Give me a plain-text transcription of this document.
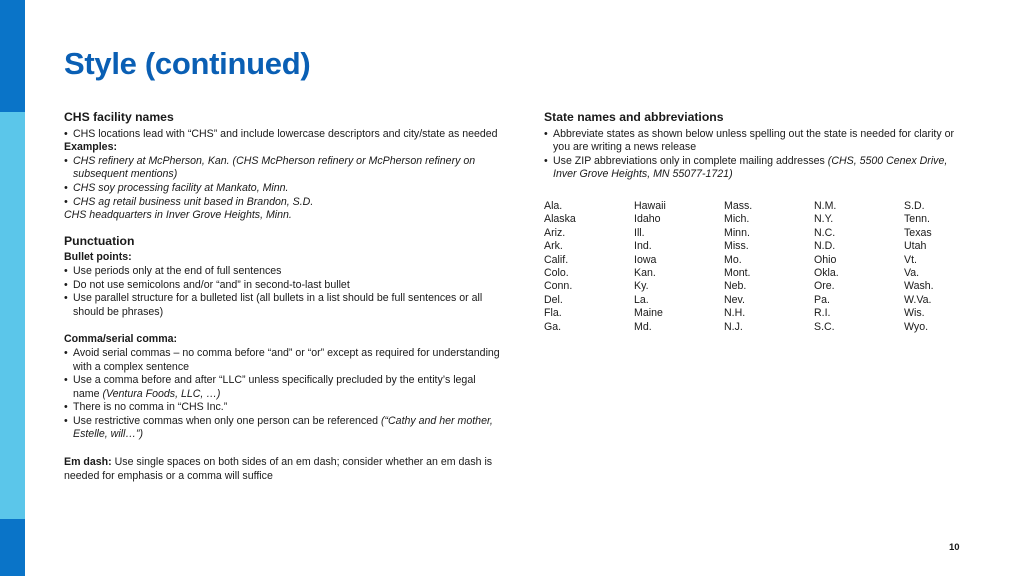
Style (continued)

CHS facility names

• CHS locations lead with “CHS” and include lowercase descriptors and city/state as needed

Examples:

• CHS refinery at McPherson, Kan. (CHS McPherson refinery or McPherson refinery on subsequent mentions)
• CHS soy processing facility at Mankato, Minn.
• CHS ag retail business unit based in Brandon, S.D.

CHS headquarters in Inver Grove Heights, Minn.

Punctuation

Bullet points:

• Use periods only at the end of full sentences
• Do not use semicolons and/or “and” in second-to-last bullet
• Use parallel structure for a bulleted list (all bullets in a list should be full sentences or all should be phrases)

Comma/serial comma:

• Avoid serial commas – no comma before “and” or “or” except as required for understanding with a complex sentence
• Use a comma before and after “LLC” unless specifically precluded by the entity’s legal name (Ventura Foods, LLC, …)
• There is no comma in “CHS Inc.”
• Use restrictive commas when only one person can be referenced (“Cathy and her mother, Estelle, will…”)

Em dash: Use single spaces on both sides of an em dash; consider whether an em dash is needed for emphasis or a comma will suffice

State names and abbreviations

• Abbreviate states as shown below unless spelling out the state is needed for clarity or you are writing a news release
• Use ZIP abbreviations only in complete mailing addresses (CHS, 5500 Cenex Drive, Inver Grove Heights, MN 55077-1721)
Ala.	Hawaii	Mass.	N.M.	S.D.
Alaska	Idaho	Mich.	N.Y.	Tenn.
Ariz.	Ill.	Minn.	N.C.	Texas
Ark.	Ind.	Miss.	N.D.	Utah
Calif.	Iowa	Mo.	Ohio	Vt.
Colo.	Kan.	Mont.	Okla.	Va.
Conn.	Ky.	Neb.	Ore.	Wash.
Del.	La.	Nev.	Pa.	W.Va.
Fla.	Maine	N.H.	R.I.	Wis.
Ga.	Md.	N.J.	S.C.	Wyo.
10
